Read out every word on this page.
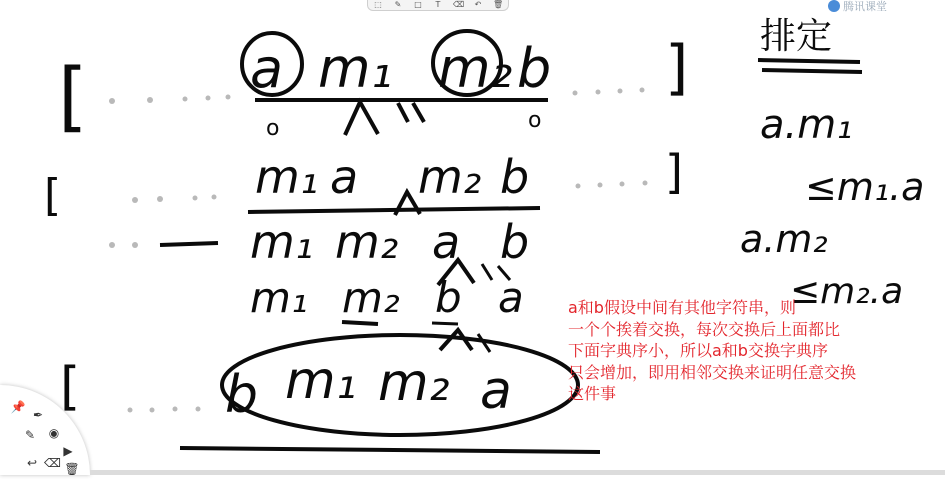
[	a m₁ m₂ b
o	o
]
[	m₁ a m₂ b	]
m₁ m₂ a b
m₁ m₂ b a
[	b m₁ m₂ a
排定
a.m₁
≤m₁.a
a.m₂
≤m₂.a
⬚ ✎ □	T	⌫ ↶ 🗑	腾讯课堂
a和b假设中间有其他字符串，则
一个个挨着交换，每次交换后上面都比
下面字典序小，所以a和b交换字典序
只会增加，即用相邻交换来证明任意交换
这件事
📌
✒
◉
▶
✎
↩ ⌫ 🗑
